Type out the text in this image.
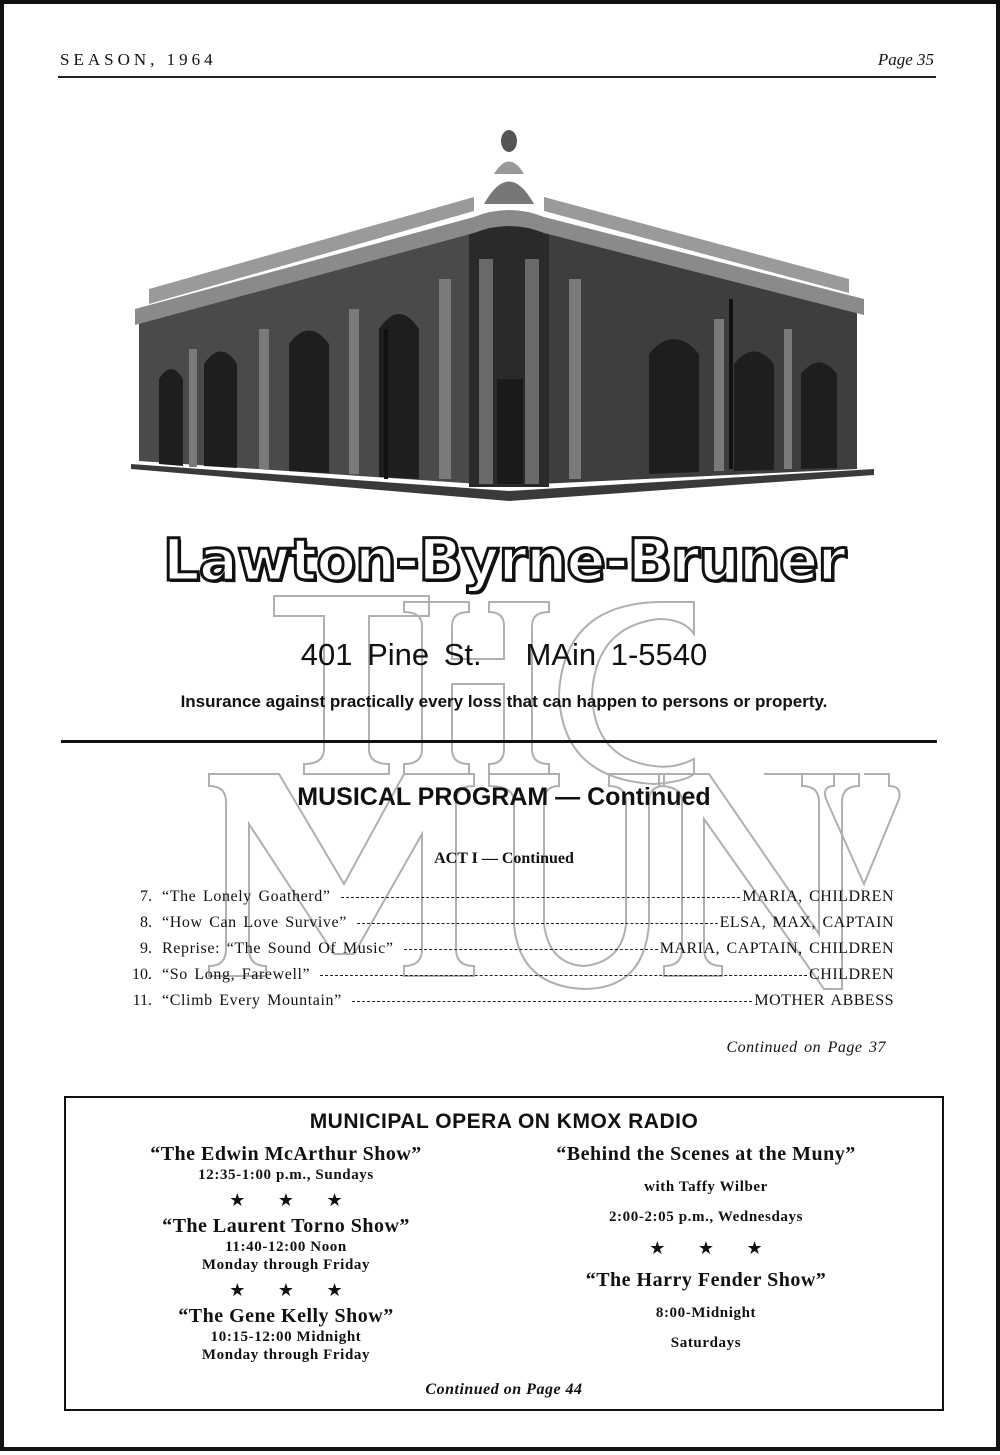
SEASON, 1964	Page 35
Lawton-Byrne-Bruner
401 Pine St.   MAin 1-5540
Insurance against practically every loss that can happen to persons or property.
MUSICAL PROGRAM — Continued
ACT I — Continued
7. “The Lonely Goatherd”	MARIA, CHILDREN
8. “How Can Love Survive”	ELSA, MAX, CAPTAIN
9. Reprise: “The Sound Of Music”	MARIA, CAPTAIN, CHILDREN
10. “So Long, Farewell”	CHILDREN
11. “Climb Every Mountain”	MOTHER ABBESS
Continued on Page 37
MUNICIPAL OPERA ON KMOX RADIO
“The Edwin McArthur Show”
12:35-1:00 p.m., Sundays
★ ★ ★
“The Laurent Torno Show”
11:40-12:00 Noon
Monday through Friday
★ ★ ★
“The Gene Kelly Show”
10:15-12:00 Midnight
Monday through Friday
“Behind the Scenes at the Muny”
with Taffy Wilber
2:00-2:05 p.m., Wednesdays
★ ★ ★
“The Harry Fender Show”
8:00-Midnight
Saturdays
Continued on Page 44
